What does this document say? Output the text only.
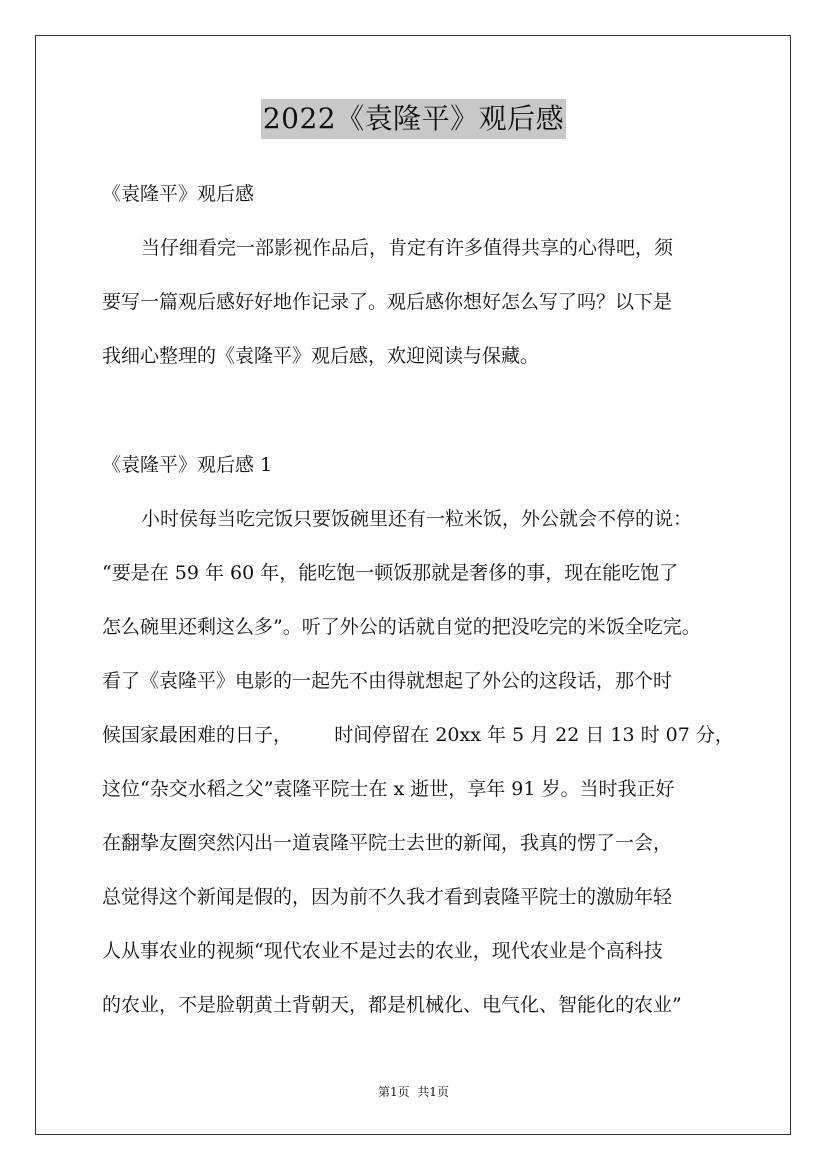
2022《袁隆平》观后感
《袁隆平》观后感
当仔细看完一部影视作品后，肯定有许多值得共享的心得吧，须
要写一篇观后感好好地作记录了。观后感你想好怎么写了吗？以下是
我细心整理的《袁隆平》观后感，欢迎阅读与保藏。
《袁隆平》观后感 1
小时侯每当吃完饭只要饭碗里还有一粒米饭，外公就会不停的说：
“要是在 59 年 60 年，能吃饱一顿饭那就是奢侈的事，现在能吃饱了
怎么碗里还剩这么多”。听了外公的话就自觉的把没吃完的米饭全吃完。
看了《袁隆平》电影的一起先不由得就想起了外公的这段话，那个时
候国家最困难的日子，       时间停留在 20xx 年 5 月 22 日 13 时 07 分，
这位“杂交水稻之父”袁隆平院士在 x 逝世，享年 91 岁。当时我正好
在翻挚友圈突然闪出一道袁隆平院士去世的新闻，我真的愣了一会，
总觉得这个新闻是假的，因为前不久我才看到袁隆平院士的激励年轻
人从事农业的视频“现代农业不是过去的农业，现代农业是个高科技
的农业，不是脸朝黄土背朝天，都是机械化、电气化、智能化的农业”
第1页  共1页
